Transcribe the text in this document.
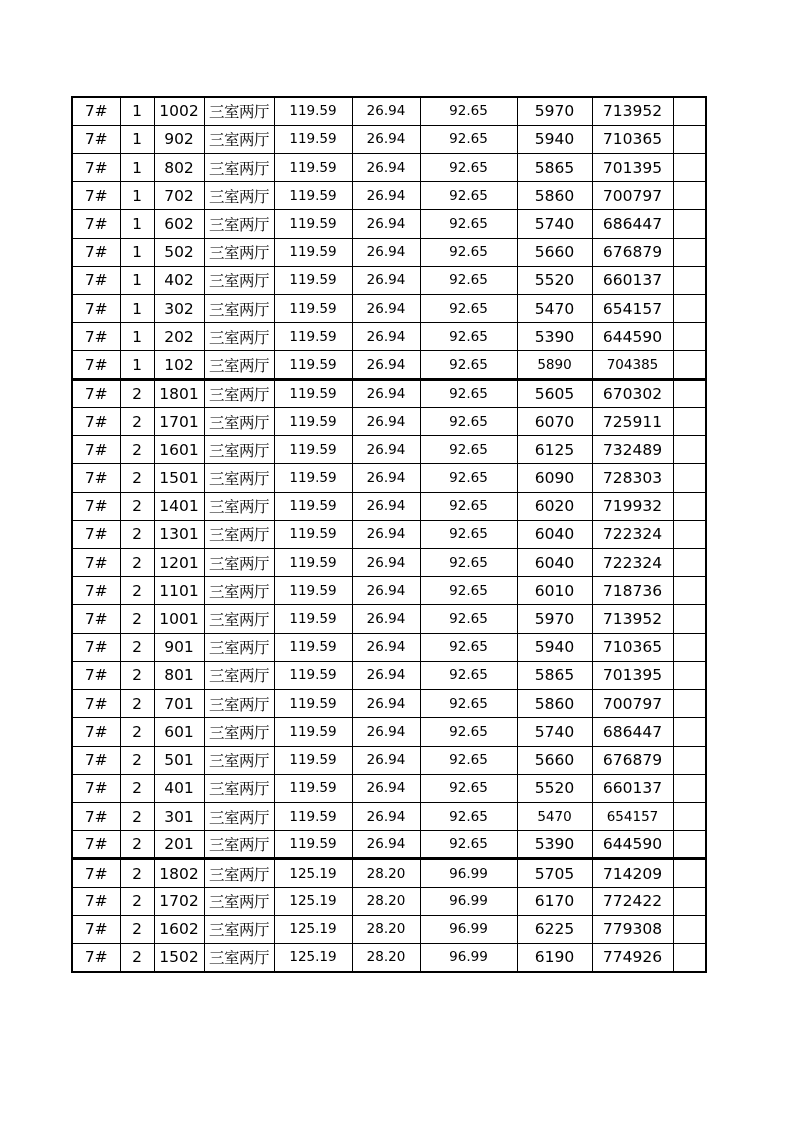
7#	1	1002	三室两厅	119.59	26.94	92.65	5970	713952	
7#	1	902	三室两厅	119.59	26.94	92.65	5940	710365	
7#	1	802	三室两厅	119.59	26.94	92.65	5865	701395	
7#	1	702	三室两厅	119.59	26.94	92.65	5860	700797	
7#	1	602	三室两厅	119.59	26.94	92.65	5740	686447	
7#	1	502	三室两厅	119.59	26.94	92.65	5660	676879	
7#	1	402	三室两厅	119.59	26.94	92.65	5520	660137	
7#	1	302	三室两厅	119.59	26.94	92.65	5470	654157	
7#	1	202	三室两厅	119.59	26.94	92.65	5390	644590	
7#	1	102	三室两厅	119.59	26.94	92.65	5890	704385	
7#	2	1801	三室两厅	119.59	26.94	92.65	5605	670302	
7#	2	1701	三室两厅	119.59	26.94	92.65	6070	725911	
7#	2	1601	三室两厅	119.59	26.94	92.65	6125	732489	
7#	2	1501	三室两厅	119.59	26.94	92.65	6090	728303	
7#	2	1401	三室两厅	119.59	26.94	92.65	6020	719932	
7#	2	1301	三室两厅	119.59	26.94	92.65	6040	722324	
7#	2	1201	三室两厅	119.59	26.94	92.65	6040	722324	
7#	2	1101	三室两厅	119.59	26.94	92.65	6010	718736	
7#	2	1001	三室两厅	119.59	26.94	92.65	5970	713952	
7#	2	901	三室两厅	119.59	26.94	92.65	5940	710365	
7#	2	801	三室两厅	119.59	26.94	92.65	5865	701395	
7#	2	701	三室两厅	119.59	26.94	92.65	5860	700797	
7#	2	601	三室两厅	119.59	26.94	92.65	5740	686447	
7#	2	501	三室两厅	119.59	26.94	92.65	5660	676879	
7#	2	401	三室两厅	119.59	26.94	92.65	5520	660137	
7#	2	301	三室两厅	119.59	26.94	92.65	5470	654157	
7#	2	201	三室两厅	119.59	26.94	92.65	5390	644590	
7#	2	1802	三室两厅	125.19	28.20	96.99	5705	714209	
7#	2	1702	三室两厅	125.19	28.20	96.99	6170	772422	
7#	2	1602	三室两厅	125.19	28.20	96.99	6225	779308	
7#	2	1502	三室两厅	125.19	28.20	96.99	6190	774926	
